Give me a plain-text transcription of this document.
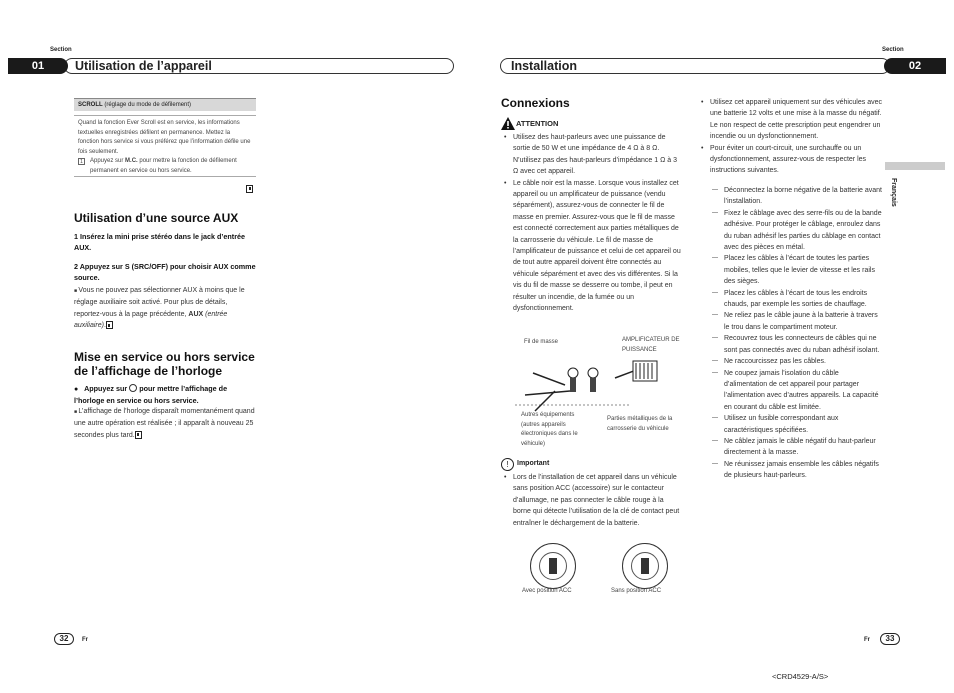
Section
Utilisation de l’appareil
01
SCROLL (réglage du mode de défilement)
Quand la fonction Ever Scroll est en service, les informations textuelles enregistrées défilent en permanence. Mettez la fonction hors service si vous préférez que l’information défile une fois seulement.
1	Appuyez sur M.C. pour mettre la fonction de défilement permanent en service ou hors service.
Utilisation d’une source AUX
1 Insérez la mini prise stéréo dans le jack d’entrée AUX.
2 Appuyez sur S (SRC/OFF) pour choisir AUX comme source.
■ Vous ne pouvez pas sélectionner AUX à moins que le réglage auxiliaire soit activé. Pour plus de détails, reportez-vous à la page précédente, AUX (entrée auxiliaire).
Mise en service ou hors service de l’affichage de l’horloge
●   Appuyez sur  pour mettre l’affichage de l’horloge en service ou hors service.
■ L’affichage de l’horloge disparaît momentanément quand une autre opération est réalisée ; il apparaît à nouveau 25 secondes plus tard.
32	Fr
Section
Installation	02
Français
Connexions
ATTENTION
• Utilisez des haut-parleurs avec une puissance de sortie de 50 W et une impédance de 4 Ω à 8 Ω. N’utilisez pas des haut-parleurs d’impédance 1 Ω à 3 Ω avec cet appareil.
• Le câble noir est la masse. Lorsque vous installez cet appareil ou un amplificateur de puissance (vendu séparément), assurez-vous de connecter le fil de masse en premier. Assurez-vous que le fil de masse est connecté correctement aux parties métalliques de la carrosserie du véhicule. Le fil de masse de l’amplificateur de puissance et celui de cet appareil ou de tout autre appareil doivent être connectés au véhicule séparément et avec des vis différentes. Si la vis du fil de masse se desserre ou tombe, il peut en résulter un incendie, de la fumée ou un dysfonctionnement.
Fil de masse	AMPLIFICATEUR DE PUISSANCE
Autres équipements (autres appareils électroniques dans le véhicule)
Parties métalliques de la carrosserie du véhicule
!	Important
• Lors de l’installation de cet appareil dans un véhicule sans position ACC (accessoire) sur le contacteur d’allumage, ne pas connecter le câble rouge à la borne qui détecte l’utilisation de la clé de contact peut entraîner le déchargement de la batterie.
Avec position ACC	Sans position ACC
• Utilisez cet appareil uniquement sur des véhicules avec une batterie 12 volts et une mise à la masse du négatif. Le non respect de cette prescription peut engendrer un incendie ou un dysfonctionnement.
• Pour éviter un court-circuit, une surchauffe ou un dysfonctionnement, assurez-vous de respecter les instructions suivantes.
— Déconnectez la borne négative de la batterie avant l’installation.
— Fixez le câblage avec des serre-fils ou de la bande adhésive. Pour protéger le câblage, enroulez dans du ruban adhésif les parties du câblage en contact avec des pièces en métal.
— Placez les câbles à l’écart de toutes les parties mobiles, telles que le levier de vitesse et les rails des sièges.
— Placez les câbles à l’écart de tous les endroits chauds, par exemple les sorties de chauffage.
— Ne reliez pas le câble jaune à la batterie à travers le trou dans le compartiment moteur.
— Recouvrez tous les connecteurs de câbles qui ne sont pas connectés avec du ruban adhésif isolant.
— Ne raccourcissez pas les câbles.
— Ne coupez jamais l’isolation du câble d’alimentation de cet appareil pour partager l’alimentation avec d’autres appareils. La capacité en courant du câble est limitée.
— Utilisez un fusible correspondant aux caractéristiques spécifiées.
— Ne câblez jamais le câble négatif du haut-parleur directement à la masse.
— Ne réunissez jamais ensemble les câbles négatifs de plusieurs haut-parleurs.
Fr	33
<CRD4529-A/S>
